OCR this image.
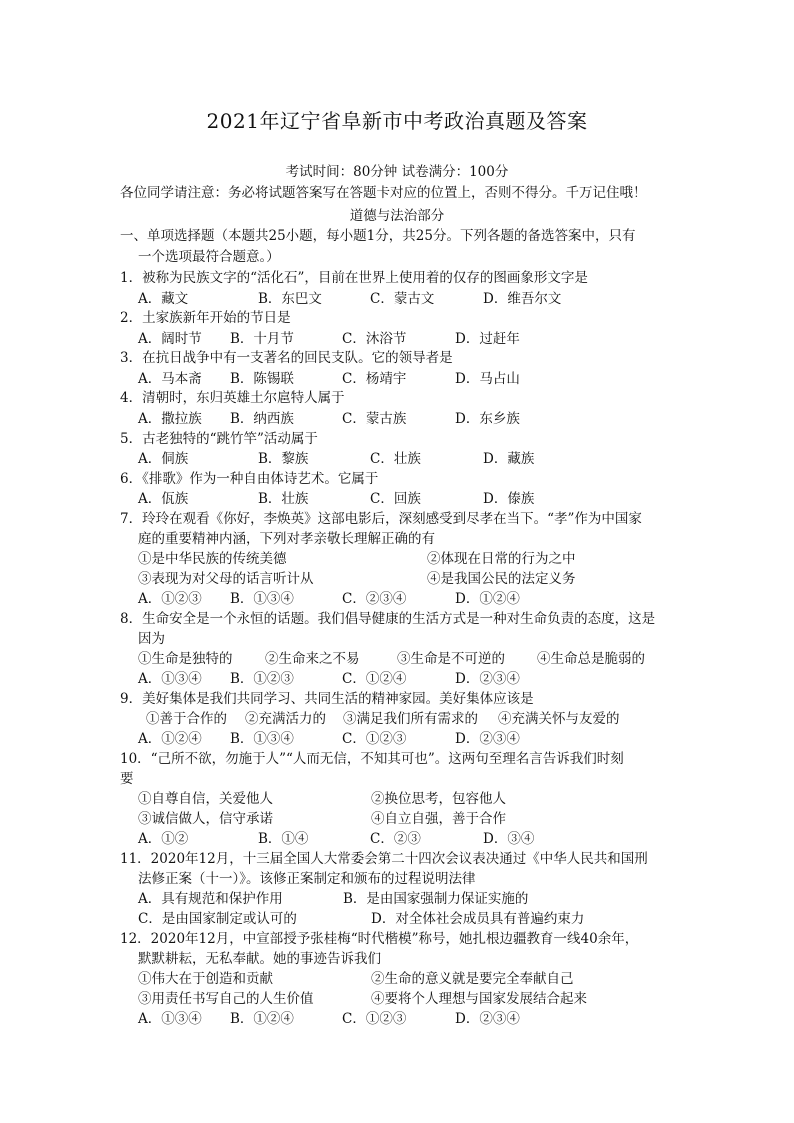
2021年辽宁省阜新市中考政治真题及答案
考试时间：80分钟 试卷满分：100分
各位同学请注意：务必将试题答案写在答题卡对应的位置上，否则不得分。千万记住哦！
道德与法治部分
一、单项选择题（本题共25小题，每小题1分，共25分。下列各题的备选答案中，只有
一个选项最符合题意。）
1．被称为民族文字的“活化石”，目前在世界上使用着的仅存的图画象形文字是
A．藏文	B．东巴文	C．蒙古文	D．维吾尔文
2．土家族新年开始的节日是
A．阔时节 B．十月节	C．沐浴节	D．过赶年
3．在抗日战争中有一支著名的回民支队。它的领导者是
A．马本斋 B．陈锡联	C．杨靖宇	D．马占山
4．清朝时，东归英雄土尔扈特人属于
A．撒拉族 B．纳西族	C．蒙古族	D．东乡族
5．古老独特的“跳竹竿”活动属于
A．侗族	B．黎族	C．壮族	D．藏族
6．《排歌》作为一种自由体诗艺术。它属于
A．佤族	B．壮族	C．回族	D．傣族
7．玲玲在观看《你好，李焕英》这部电影后，深刻感受到尽孝在当下。“孝”作为中国家
庭的重要精神内涵，下列对孝亲敬长理解正确的有
①是中华民族的传统美德	②体现在日常的行为之中
③表现为对父母的话言听计从	④是我国公民的法定义务
A．①②③ B．①③④	C．②③④	D．①②④
8．生命安全是一个永恒的话题。我们倡导健康的生活方式是一种对生命负责的态度，这是
因为
①生命是独特的 ②生命来之不易	③生命是不可逆的 ④生命总是脆弱的
A．①③④ B．①②③	C．①②④	D．②③④
9．美好集体是我们共同学习、共同生活的精神家园。美好集体应该是
①善于合作的 ②充满活力的 ③满足我们所有需求的 ④充满关怀与友爱的
A．①②④ B．①③④	C．①②③	D．②③④
10．“己所不欲，勿施于人”“人而无信，不知其可也”。这两句至理名言告诉我们时刻
要
①自尊自信，关爱他人	②换位思考，包容他人
③诚信做人，信守承诺	④自立自强，善于合作
A．①②	B．①④	C．②③	D．③④
11．2020年12月，十三届全国人大常委会第二十四次会议表决通过《中华人民共和国刑
法修正案（十一）》。该修正案制定和颁布的过程说明法律
A．具有规范和保护作用	B．是由国家强制力保证实施的
C．是由国家制定或认可的	D．对全体社会成员具有普遍约束力
12．2020年12月，中宣部授予张桂梅“时代楷模”称号，她扎根边疆教育一线40余年，
默默耕耘，无私奉献。她的事迹告诉我们
①伟大在于创造和贡献	②生命的意义就是要完全奉献自己
③用责任书写自己的人生价值	④要将个人理想与国家发展结合起来
A．①③④ B．①②④	C．①②③	D．②③④
